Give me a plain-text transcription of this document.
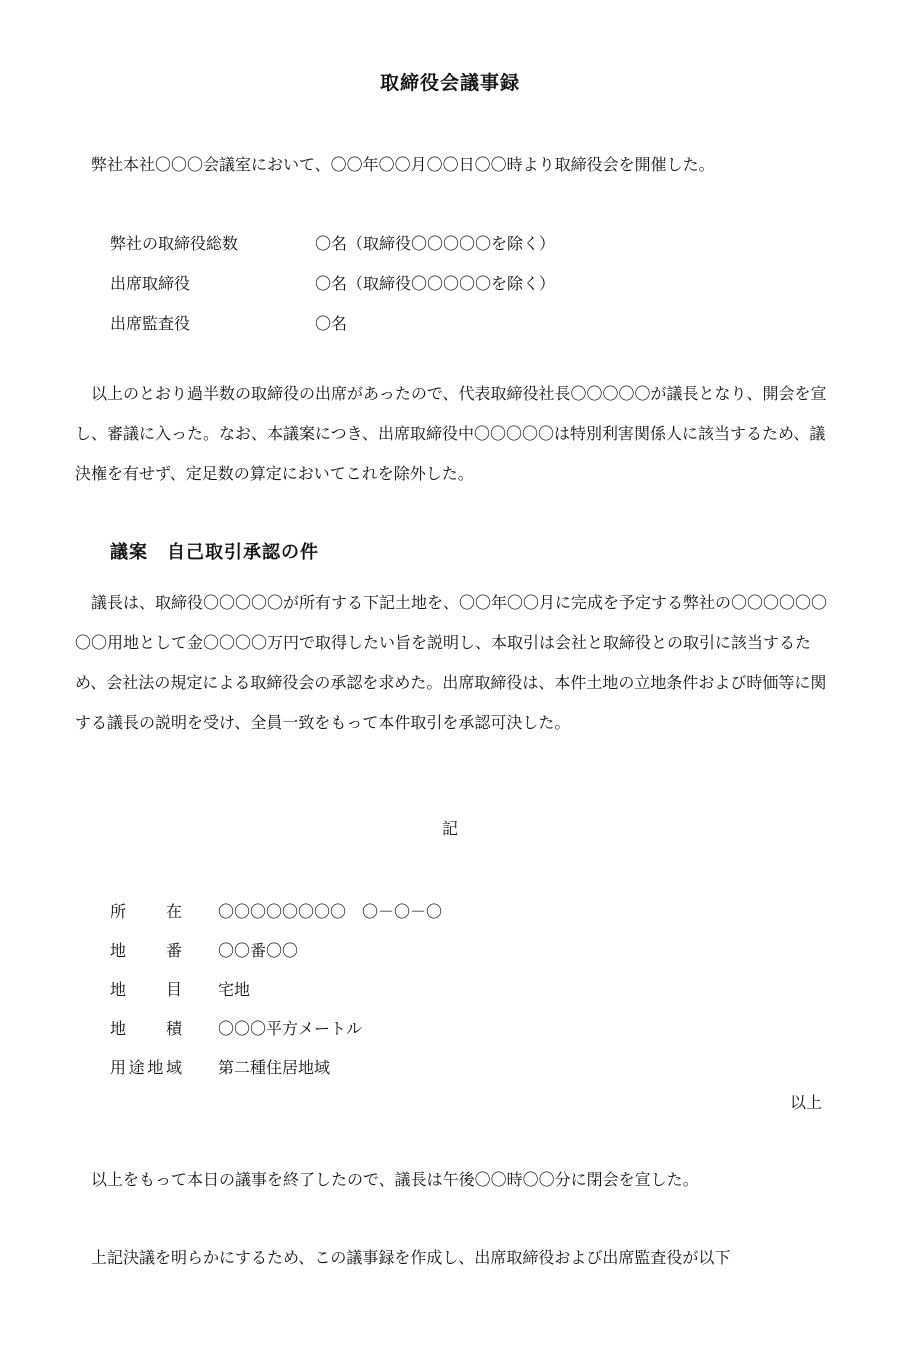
取締役会議事録
弊社本社〇〇〇会議室において、〇〇年〇〇月〇〇日〇〇時より取締役会を開催した。
弊社の取締役総数	〇名（取締役〇〇〇〇〇を除く）
出席取締役	〇名（取締役〇〇〇〇〇を除く）
出席監査役	〇名
以上のとおり過半数の取締役の出席があったので、代表取締役社長〇〇〇〇〇が議長となり、開会を宣し、審議に入った。なお、本議案につき、出席取締役中〇〇〇〇〇は特別利害関係人に該当するため、議決権を有せず、定足数の算定においてこれを除外した。
議案　自己取引承認の件
議長は、取締役〇〇〇〇〇が所有する下記土地を、〇〇年〇〇月に完成を予定する弊社の〇〇〇〇〇〇〇〇用地として金〇〇〇〇万円で取得したい旨を説明し、本取引は会社と取締役との取引に該当するため、会社法の規定による取締役会の承認を求めた。出席取締役は、本件土地の立地条件および時価等に関する議長の説明を受け、全員一致をもって本件取引を承認可決した。
記
所在	〇〇〇〇〇〇〇〇　〇－〇－〇
地番	〇〇番〇〇
地目	宅地
地積	〇〇〇平方メートル
用途地域	第二種住居地域
以上
以上をもって本日の議事を終了したので、議長は午後〇〇時〇〇分に閉会を宣した。
上記決議を明らかにするため、この議事録を作成し、出席取締役および出席監査役が以下
